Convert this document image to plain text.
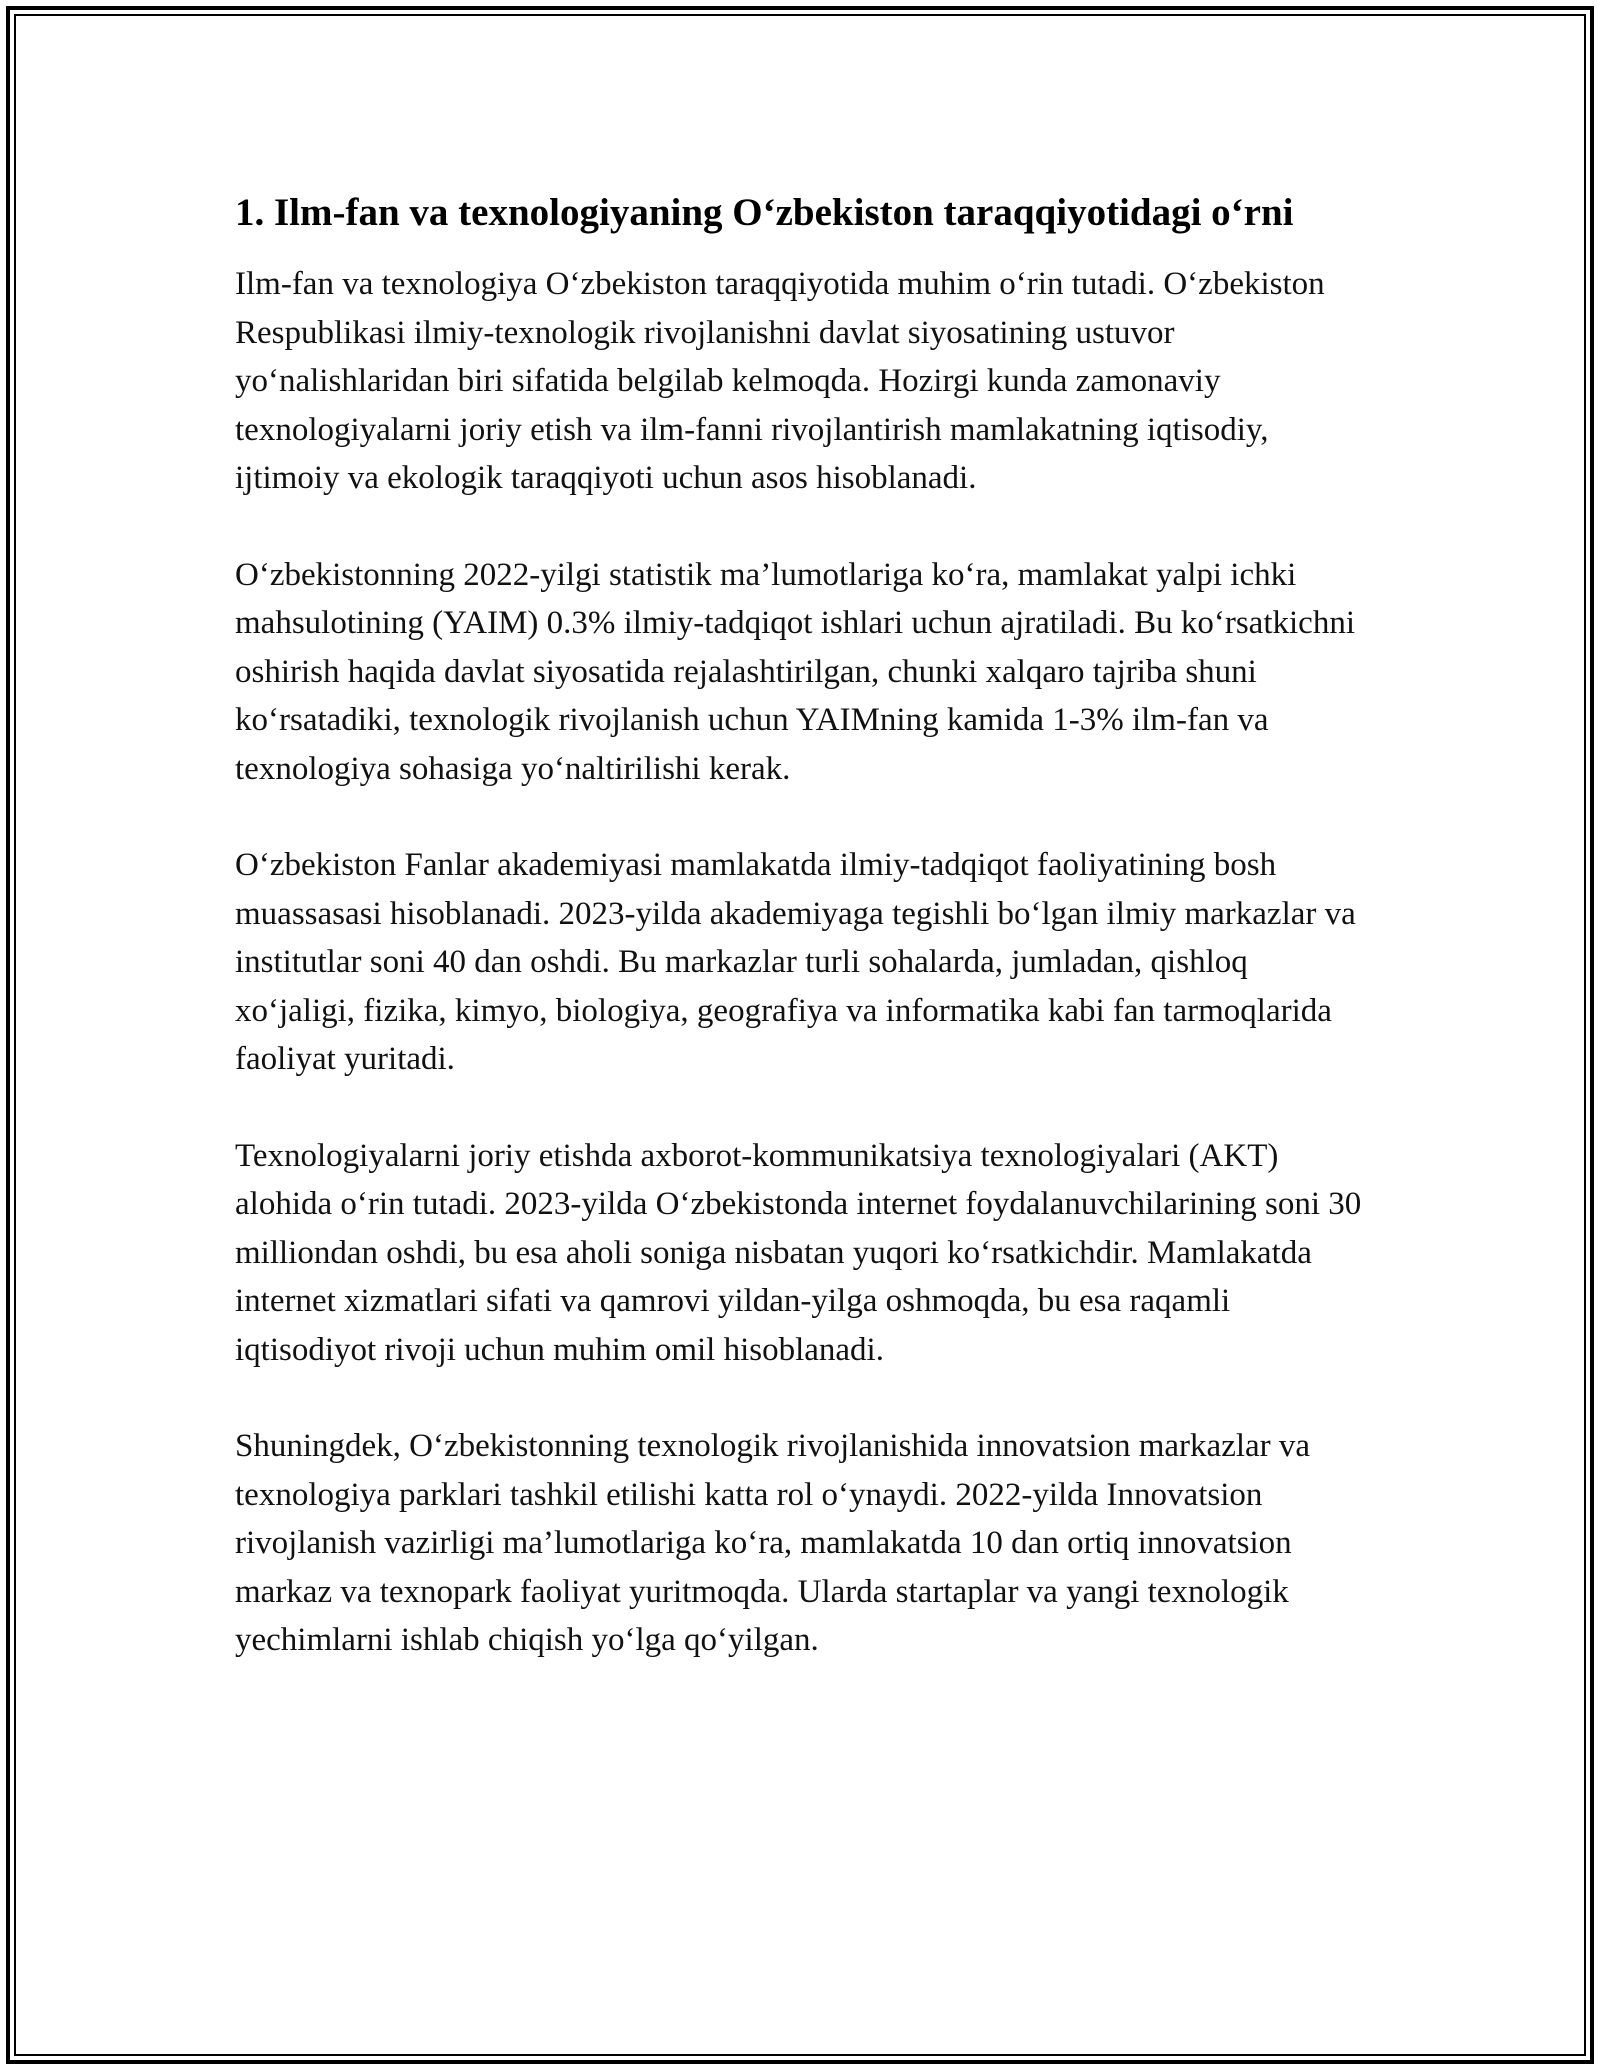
1. Ilm-fan va texnologiyaning O‘zbekiston taraqqiyotidagi o‘rni

Ilm-fan va texnologiya O‘zbekiston taraqqiyotida muhim o‘rin tutadi. O‘zbekiston Respublikasi ilmiy-texnologik rivojlanishni davlat siyosatining ustuvor yo‘nalishlaridan biri sifatida belgilab kelmoqda. Hozirgi kunda zamonaviy texnologiyalarni joriy etish va ilm-fanni rivojlantirish mamlakatning iqtisodiy, ijtimoiy va ekologik taraqqiyoti uchun asos hisoblanadi.

O‘zbekistonning 2022-yilgi statistik ma’lumotlariga ko‘ra, mamlakat yalpi ichki mahsulotining (YAIM) 0.3% ilmiy-tadqiqot ishlari uchun ajratiladi. Bu ko‘rsatkichni oshirish haqida davlat siyosatida rejalashtirilgan, chunki xalqaro tajriba shuni ko‘rsatadiki, texnologik rivojlanish uchun YAIMning kamida 1-3% ilm-fan va texnologiya sohasiga yo‘naltirilishi kerak.

O‘zbekiston Fanlar akademiyasi mamlakatda ilmiy-tadqiqot faoliyatining bosh muassasasi hisoblanadi. 2023-yilda akademiyaga tegishli bo‘lgan ilmiy markazlar va institutlar soni 40 dan oshdi. Bu markazlar turli sohalarda, jumladan, qishloq xo‘jaligi, fizika, kimyo, biologiya, geografiya va informatika kabi fan tarmoqlarida faoliyat yuritadi.

Texnologiyalarni joriy etishda axborot-kommunikatsiya texnologiyalari (AKT) alohida o‘rin tutadi. 2023-yilda O‘zbekistonda internet foydalanuvchilarining soni 30 milliondan oshdi, bu esa aholi soniga nisbatan yuqori ko‘rsatkichdir. Mamlakatda internet xizmatlari sifati va qamrovi yildan-yilga oshmoqda, bu esa raqamli iqtisodiyot rivoji uchun muhim omil hisoblanadi.

Shuningdek, O‘zbekistonning texnologik rivojlanishida innovatsion markazlar va texnologiya parklari tashkil etilishi katta rol o‘ynaydi. 2022-yilda Innovatsion rivojlanish vazirligi ma’lumotlariga ko‘ra, mamlakatda 10 dan ortiq innovatsion markaz va texnopark faoliyat yuritmoqda. Ularda startaplar va yangi texnologik yechimlarni ishlab chiqish yo‘lga qo‘yilgan.
